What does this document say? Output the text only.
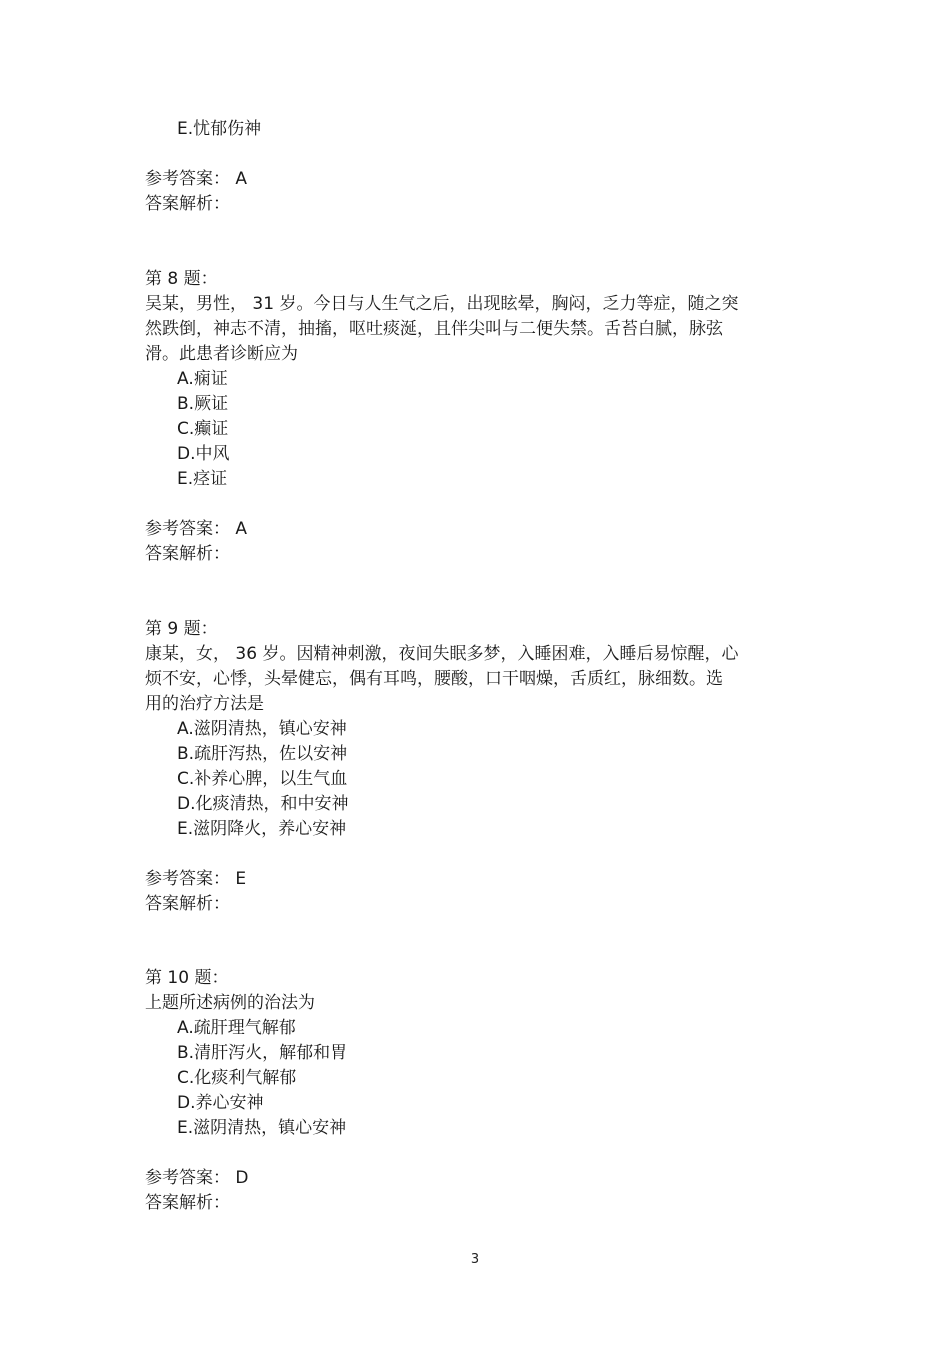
E.忧郁伤神
参考答案： A
答案解析：
第 8 题：
吴某，男性， 31 岁。今日与人生气之后，出现眩晕，胸闷，乏力等症，随之突
然跌倒，神志不清，抽搐，呕吐痰涎，且伴尖叫与二便失禁。舌苔白腻，脉弦
滑。此患者诊断应为
A.痫证
B.厥证
C.癫证
D.中风
E.痉证
参考答案： A
答案解析：
第 9 题：
康某，女， 36 岁。因精神刺激，夜间失眠多梦，入睡困难，入睡后易惊醒，心
烦不安，心悸，头晕健忘，偶有耳鸣，腰酸，口干咽燥，舌质红，脉细数。选
用的治疗方法是
A.滋阴清热，镇心安神
B.疏肝泻热，佐以安神
C.补养心脾，以生气血
D.化痰清热，和中安神
E.滋阴降火，养心安神
参考答案： E
答案解析：
第 10 题：
上题所述病例的治法为
A.疏肝理气解郁
B.清肝泻火，解郁和胃
C.化痰利气解郁
D.养心安神
E.滋阴清热，镇心安神
参考答案： D
答案解析：
3
